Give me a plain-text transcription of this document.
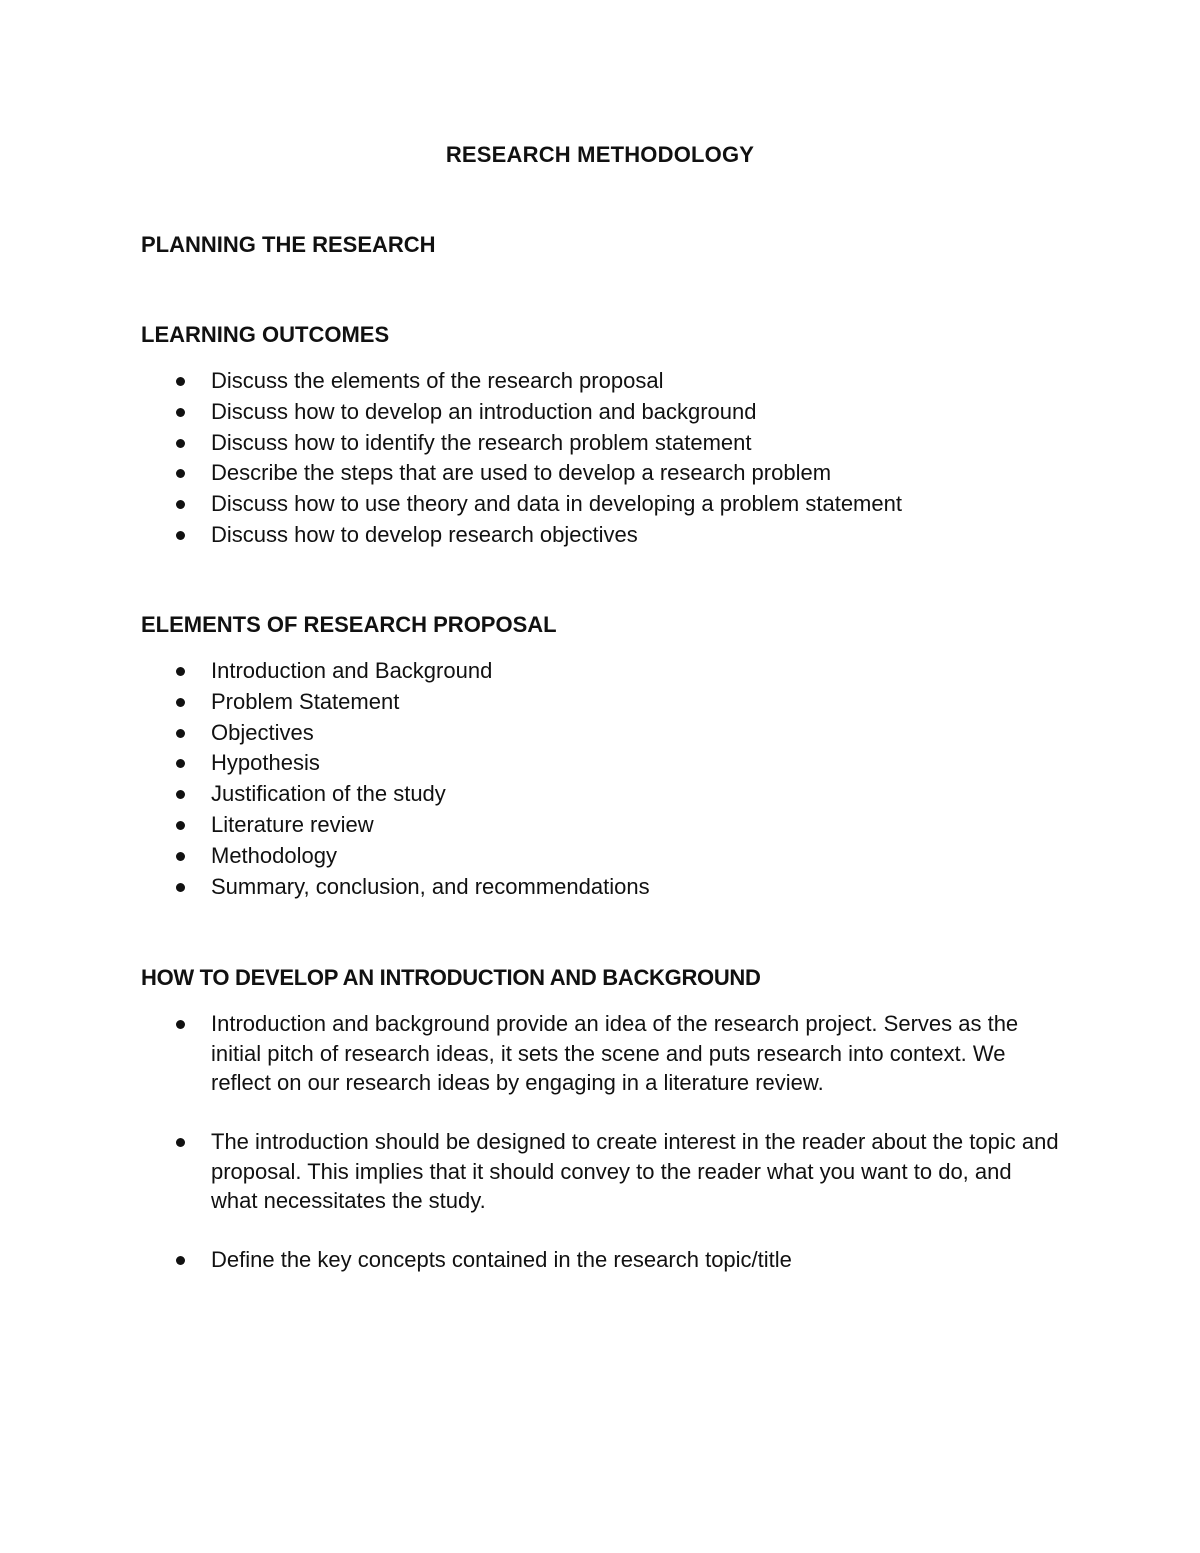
RESEARCH METHODOLOGY
PLANNING THE RESEARCH
LEARNING OUTCOMES
Discuss the elements of the research proposal
Discuss how to develop an introduction and background
Discuss how to identify the research problem statement
Describe the steps that are used to develop a research problem
Discuss how to use theory and data in developing a problem statement
Discuss how to develop research objectives
ELEMENTS OF RESEARCH PROPOSAL
Introduction and Background
Problem Statement
Objectives
Hypothesis
Justification of the study
Literature review
Methodology
Summary, conclusion, and recommendations
HOW TO DEVELOP AN INTRODUCTION AND BACKGROUND
Introduction and background provide an idea of the research project. Serves as the initial pitch of research ideas, it sets the scene and puts research into context. We reflect on our research ideas by engaging in a literature review.
The introduction should be designed to create interest in the reader about the topic and proposal. This implies that it should convey to the reader what you want to do, and what necessitates the study.
Define the key concepts contained in the research topic/title
